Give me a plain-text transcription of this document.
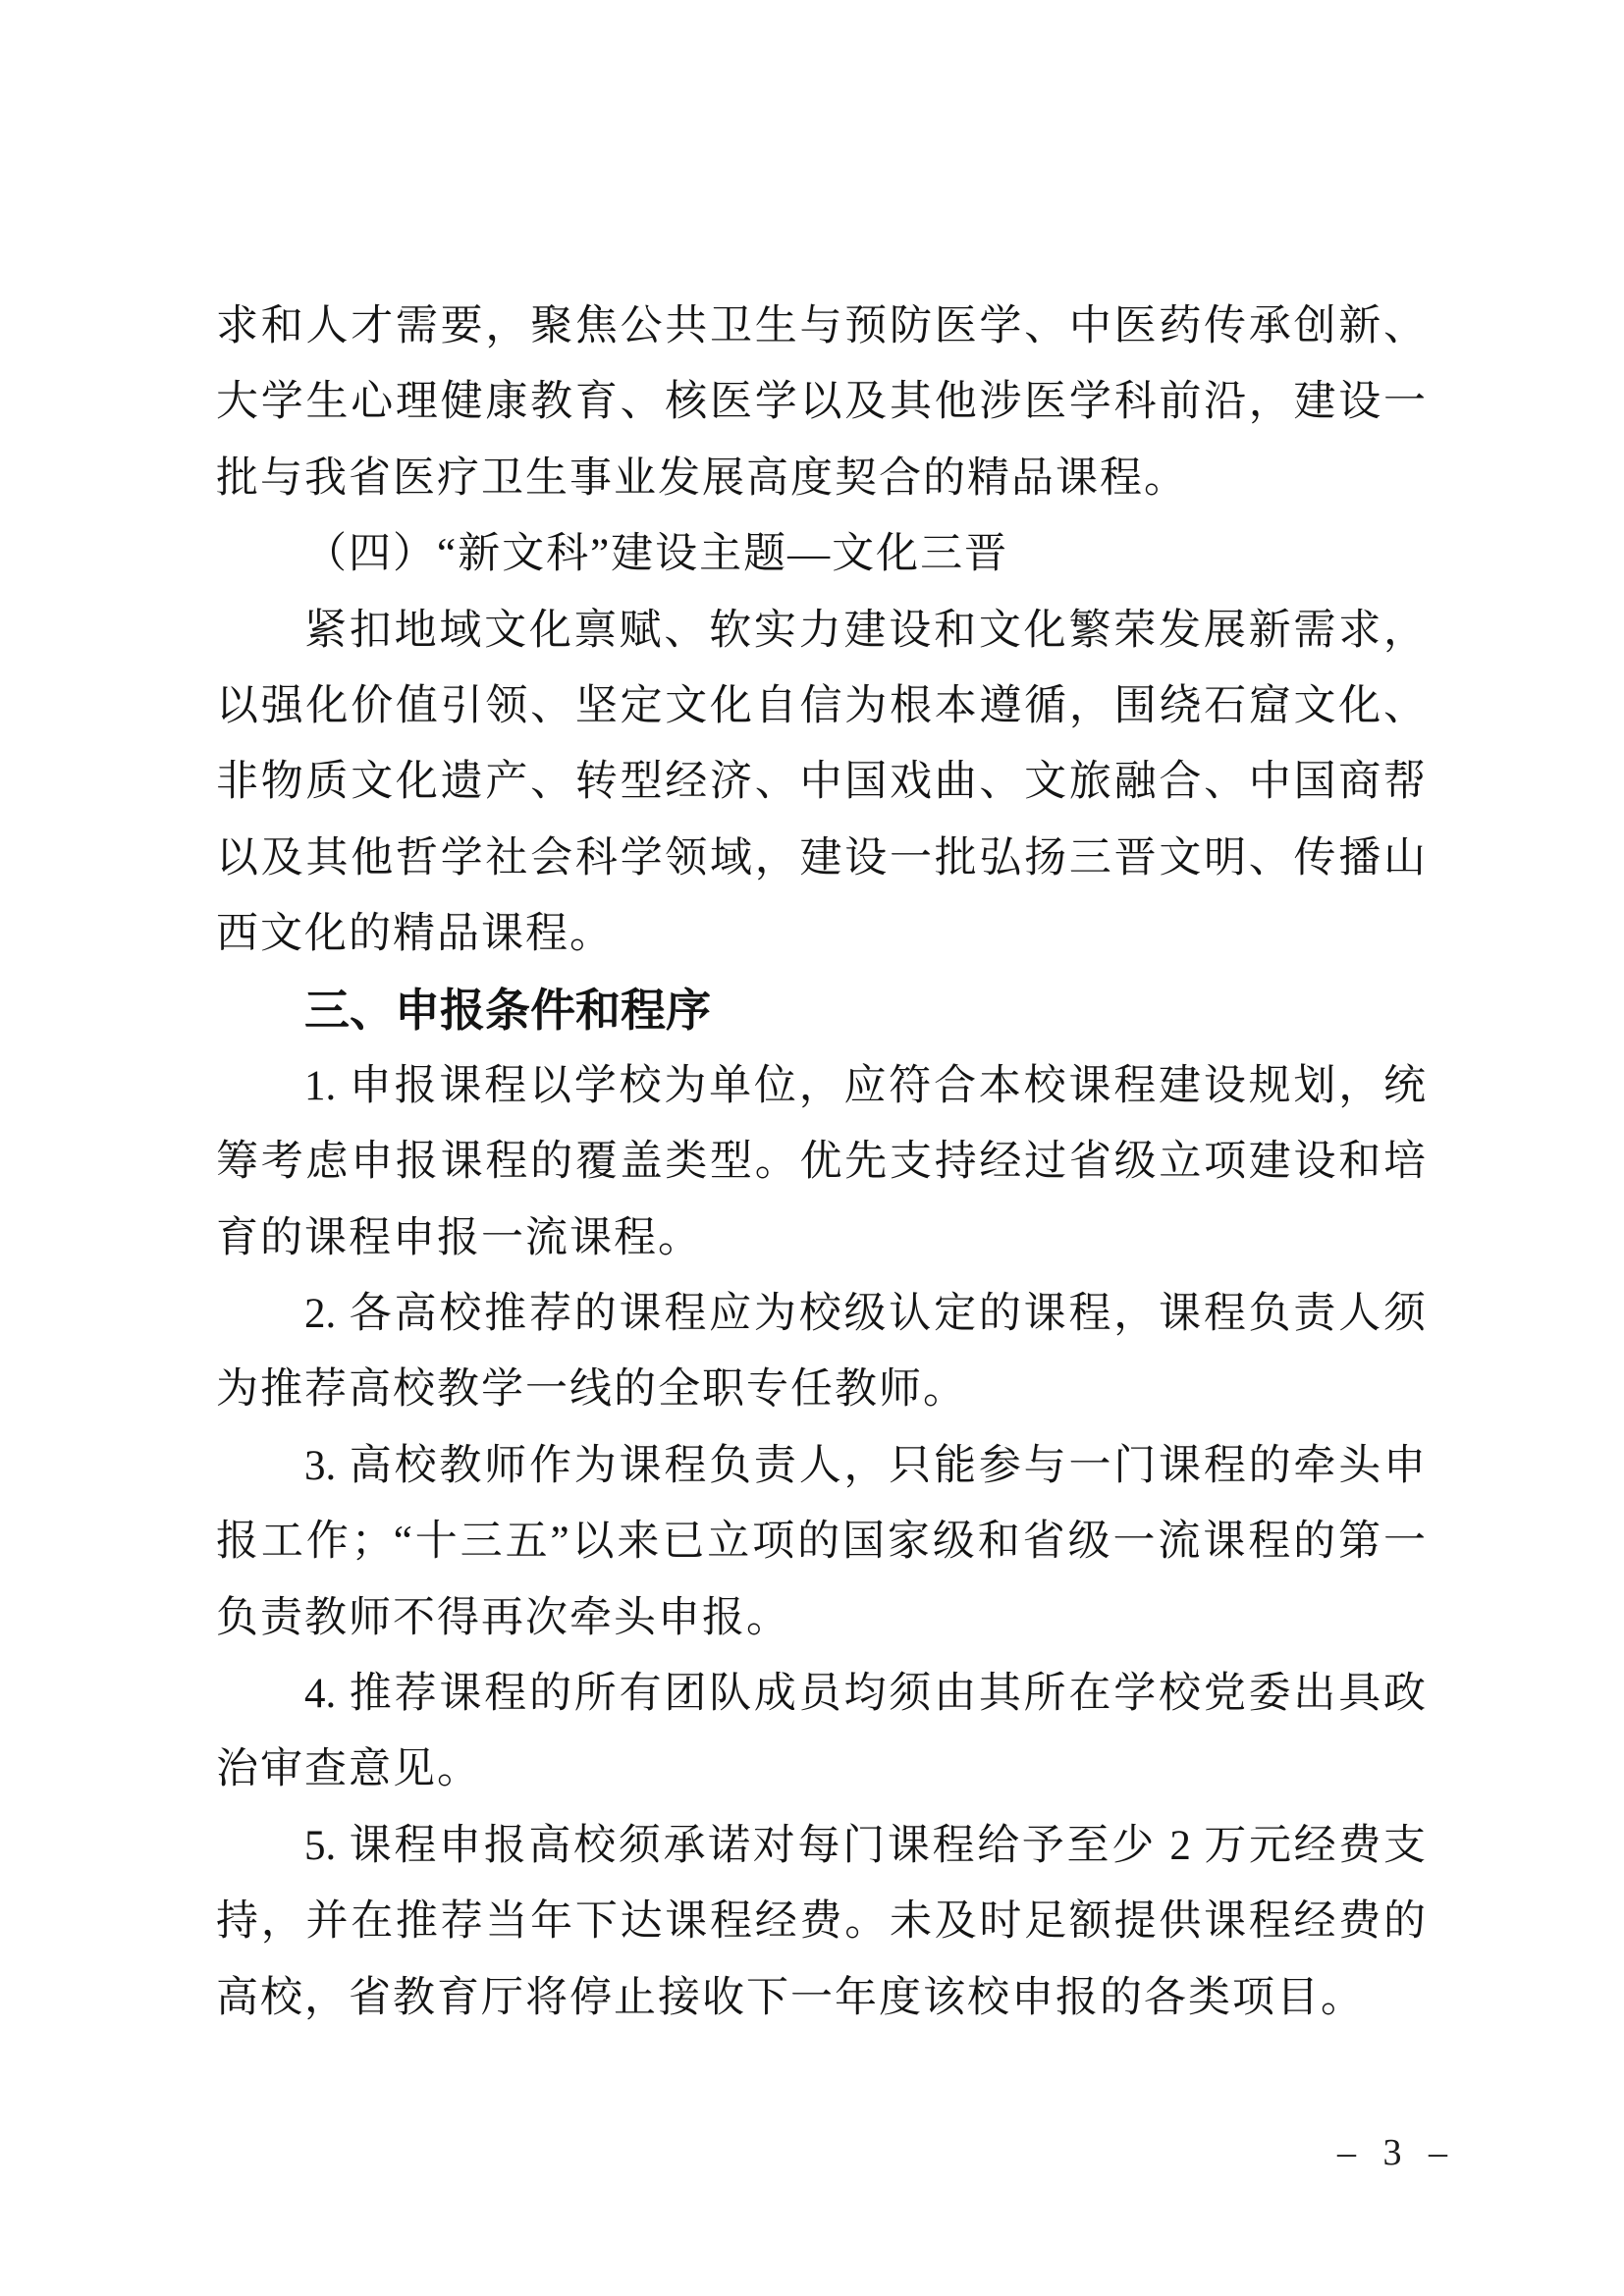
求和人才需要，聚焦公共卫生与预防医学、中医药传承创新、
大学生心理健康教育、核医学以及其他涉医学科前沿，建设一
批与我省医疗卫生事业发展高度契合的精品课程。
（四）“新文科”建设主题—文化三晋
紧扣地域文化禀赋、软实力建设和文化繁荣发展新需求，
以强化价值引领、坚定文化自信为根本遵循，围绕石窟文化、
非物质文化遗产、转型经济、中国戏曲、文旅融合、中国商帮
以及其他哲学社会科学领域，建设一批弘扬三晋文明、传播山
西文化的精品课程。
三、申报条件和程序
1. 申报课程以学校为单位，应符合本校课程建设规划，统
筹考虑申报课程的覆盖类型。优先支持经过省级立项建设和培
育的课程申报一流课程。
2. 各高校推荐的课程应为校级认定的课程，课程负责人须
为推荐高校教学一线的全职专任教师。
3. 高校教师作为课程负责人，只能参与一门课程的牵头申
报工作；“十三五”以来已立项的国家级和省级一流课程的第一
负责教师不得再次牵头申报。
4. 推荐课程的所有团队成员均须由其所在学校党委出具政
治审查意见。
5. 课程申报高校须承诺对每门课程给予至少 2 万元经费支
持，并在推荐当年下达课程经费。未及时足额提供课程经费的
高校，省教育厅将停止接收下一年度该校申报的各类项目。
– 3 –
